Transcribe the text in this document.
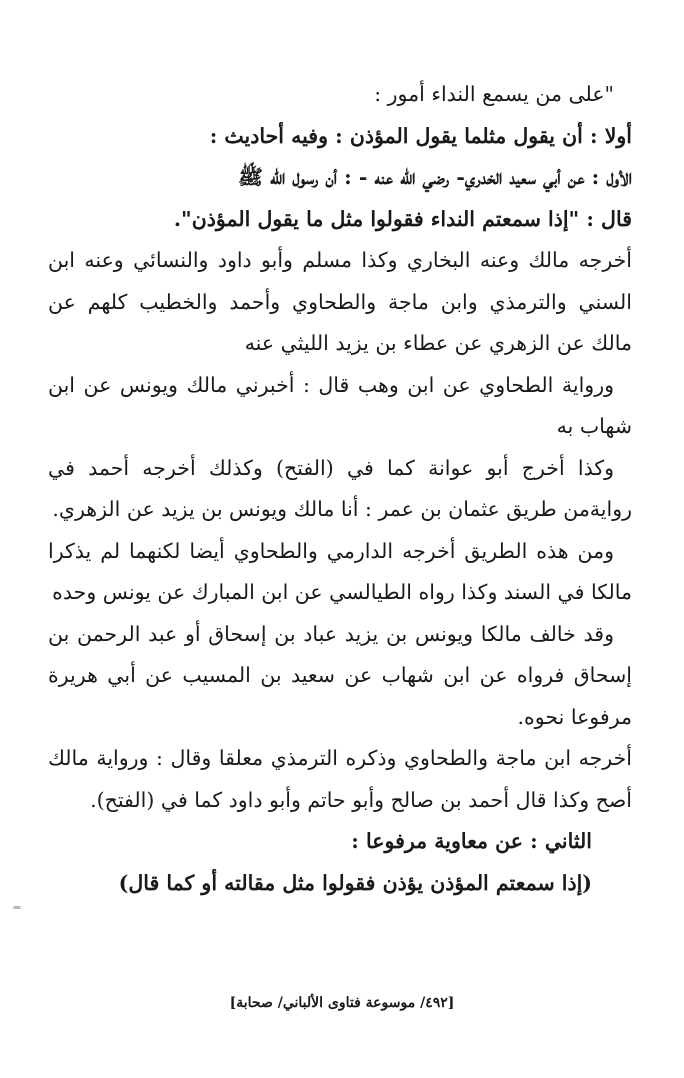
"على من يسمع النداء أمور :

أولا : أن يقول مثلما يقول المؤذن : وفيه أحاديث :

الأول : عن أبي سعيد الخدري- رضي الله عنه - : أن رسول الله ﷺ

قال : "إذا سمعتم النداء فقولوا مثل ما يقول المؤذن".

أخرجه مالك وعنه البخاري وكذا مسلم وأبو داود والنسائي وعنه ابن السني والترمذي وابن ماجة والطحاوي وأحمد والخطيب كلهم عن مالك عن الزهري عن عطاء بن يزيد الليثي عنه

ورواية الطحاوي عن ابن وهب قال : أخبرني مالك ويونس عن ابن شهاب به

وكذا أخرج أبو عوانة كما في (الفتح) وكذلك أخرجه أحمد في روايةمن طريق عثمان بن عمر : أنا مالك ويونس بن يزيد عن الزهري.

ومن هذه الطريق أخرجه الدارمي والطحاوي أيضا لكنهما لم يذكرا مالكا في السند وكذا رواه الطيالسي عن ابن المبارك عن يونس وحده

وقد خالف مالكا ويونس بن يزيد عباد بن إسحاق أو عبد الرحمن بن إسحاق فرواه عن ابن شهاب عن سعيد بن المسيب عن أبي هريرة مرفوعا نحوه.

أخرجه ابن ماجة والطحاوي وذكره الترمذي معلقا وقال : ورواية مالك أصح وكذا قال أحمد بن صالح وأبو حاتم وأبو داود كما في (الفتح).

الثاني : عن معاوية مرفوعا :

(إذا سمعتم المؤذن يؤذن فقولوا مثل مقالته أو كما قال)

[٤٩٢/ موسوعة فتاوى الألباني/ صحابة]
